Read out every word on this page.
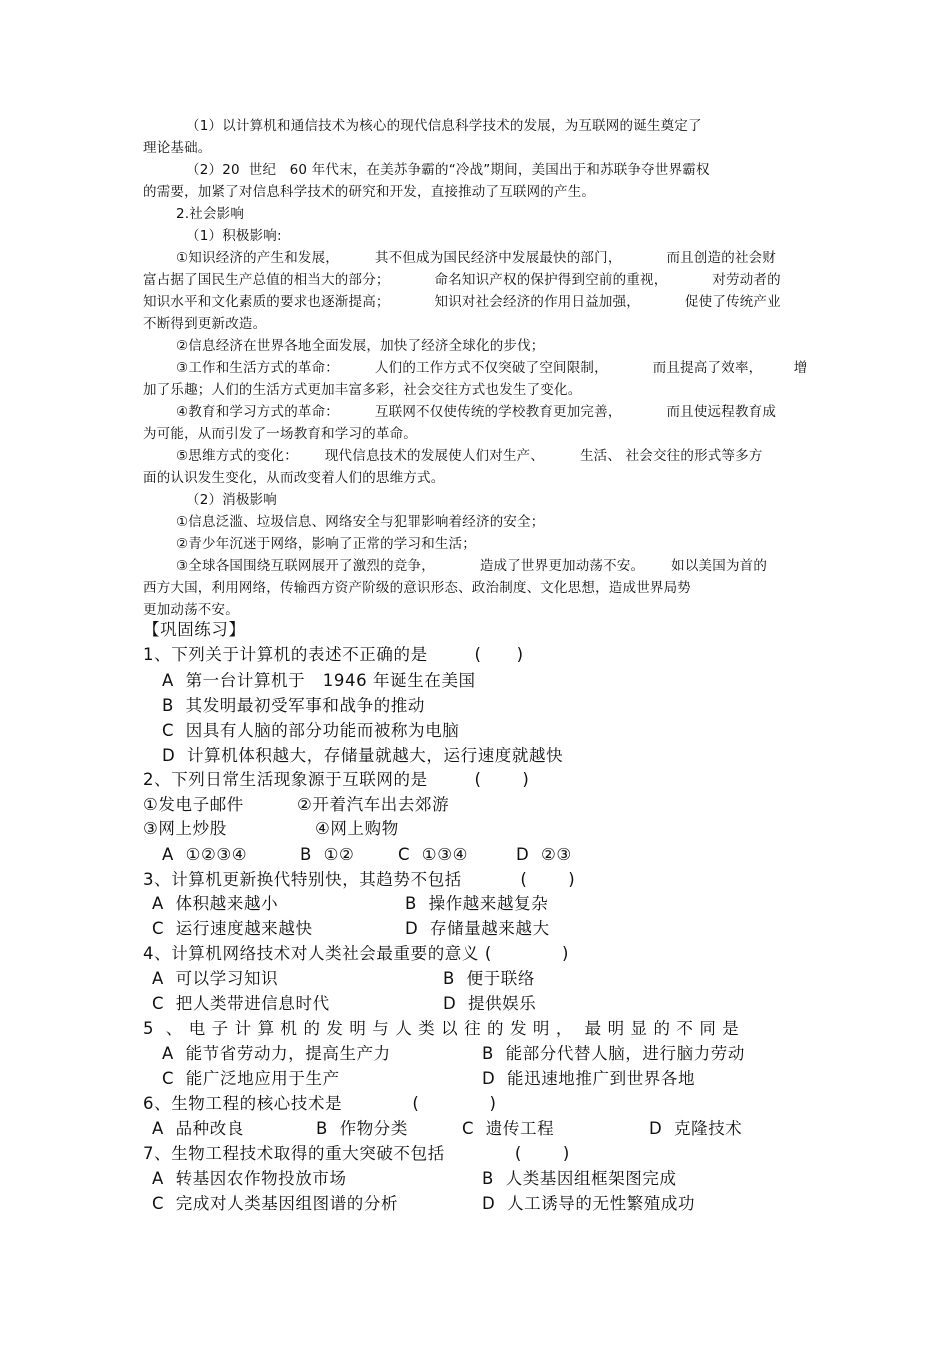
（1）以计算机和通信技术为核心的现代信息科学技术的发展，为互联网的诞生奠定了
理论基础。
（2）20  世纪   60 年代末，在美苏争霸的“冷战”期间，美国出于和苏联争夺世界霸权
的需要，加紧了对信息科学技术的研究和开发，直接推动了互联网的产生。
2.社会影响
（1）积极影响:
①知识经济的产生和发展，        其不但成为国民经济中发展最快的部门，          而且创造的社会财
富占据了国民生产总值的相当大的部分；          命名知识产权的保护得到空前的重视，          对劳动者的
知识水平和文化素质的要求也逐渐提高；          知识对社会经济的作用日益加强，          促使了传统产业
不断得到更新改造。
②信息经济在世界各地全面发展，加快了经济全球化的步伐；
③工作和生活方式的革命：        人们的工作方式不仅突破了空间限制，          而且提高了效率，       增
加了乐趣；人们的生活方式更加丰富多彩，社会交往方式也发生了变化。
④教育和学习方式的革命：        互联网不仅使传统的学校教育更加完善，          而且使远程教育成
为可能，从而引发了一场教育和学习的革命。
⑤思维方式的变化：      现代信息技术的发展使人们对生产、        生活、 社会交往的形式等多方
面的认识发生变化，从而改变着人们的思维方式。
（2）消极影响
①信息泛滥、垃圾信息、网络安全与犯罪影响着经济的安全；
②青少年沉迷于网络，影响了正常的学习和生活；
③全球各国围绕互联网展开了激烈的竞争，          造成了世界更加动荡不安。      如以美国为首的
西方大国，利用网络，传输西方资产阶级的意识形态、政治制度、文化思想，造成世界局势
更加动荡不安。
【巩固练习】
1、下列关于计算机的表述不正确的是        (      )
A  第一台计算机于   1946 年诞生在美国
B  其发明最初受军事和战争的推动
C  因具有人脑的部分功能而被称为电脑
D  计算机体积越大，存储量就越大，运行速度就越快
2、下列日常生活现象源于互联网的是        (       )
①发电子邮件	②开着汽车出去郊游
③网上炒股	④网上购物
A  ①②③④	B  ①②	C  ①③④	D  ②③
3、计算机更新换代特别快，其趋势不包括          (       )
A  体积越来越小	B  操作越来越复杂
C  运行速度越来越快	D  存储量越来越大
4、计算机网络技术对人类社会最重要的意义 (            )
A  可以学习知识	B  便于联络
C  把人类带进信息时代	D  提供娱乐
5  、 电 子 计 算 机 的 发 明 与 人 类 以 往 的 发 明 ，  最 明 显 的 不 同 是
A  能节省劳动力，提高生产力	B  能部分代替人脑，进行脑力劳动
C  能广泛地应用于生产	D  能迅速地推广到世界各地
6、生物工程的核心技术是            (            )
A  品种改良	B  作物分类	C  遗传工程	D  克隆技术
7、生物工程技术取得的重大突破不包括            (       )
A  转基因农作物投放市场	B  人类基因组框架图完成
C  完成对人类基因组图谱的分析	D  人工诱导的无性繁殖成功
